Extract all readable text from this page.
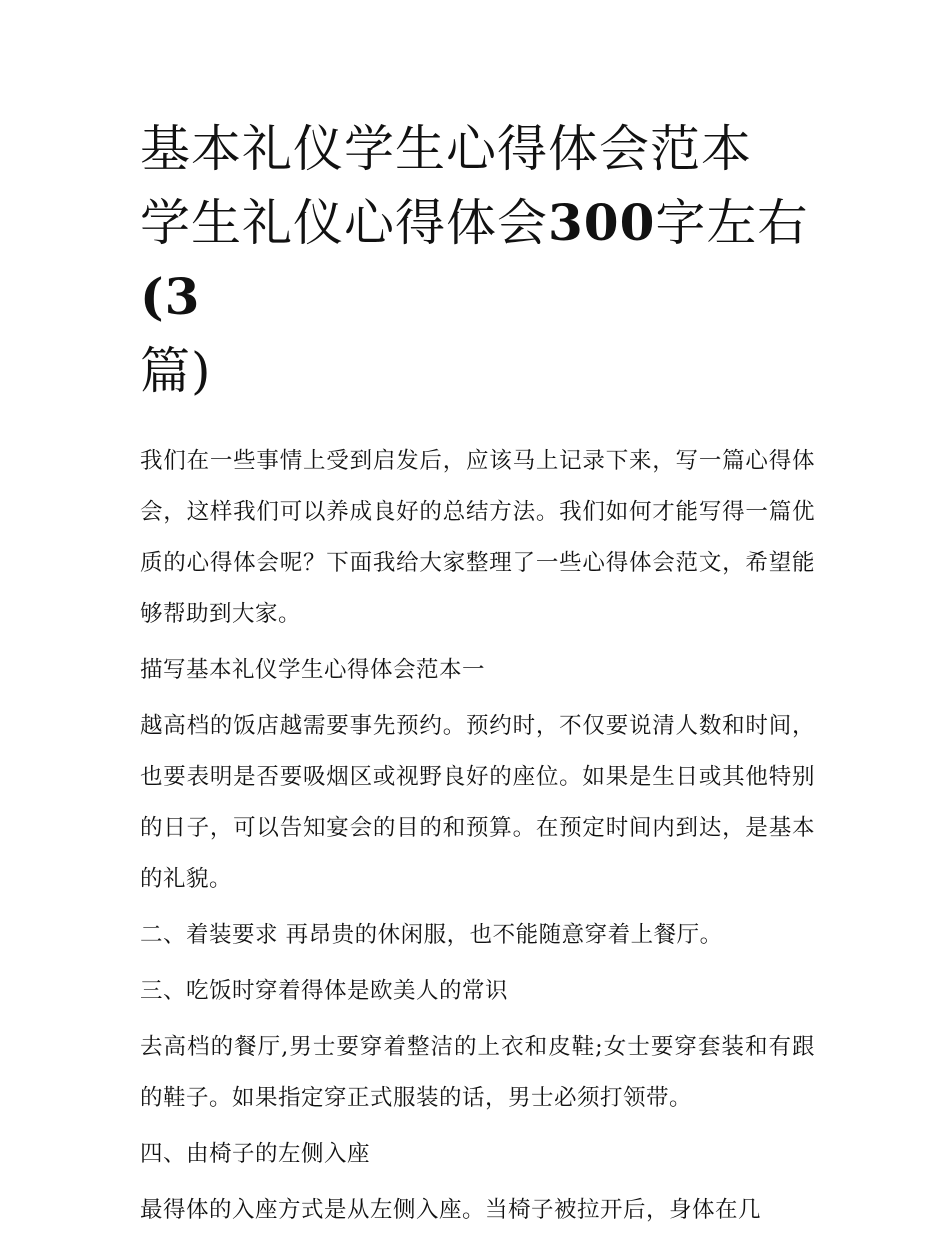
基本礼仪学生心得体会范本 学生礼仪心得体会300字左右(3
篇)

我们在一些事情上受到启发后，应该马上记录下来，写一篇心得体会，这样我们可以养成良好的总结方法。我们如何才能写得一篇优质的心得体会呢？下面我给大家整理了一些心得体会范文，希望能够帮助到大家。

描写基本礼仪学生心得体会范本一

越高档的饭店越需要事先预约。预约时，不仅要说清人数和时间，也要表明是否要吸烟区或视野良好的座位。如果是生日或其他特别的日子，可以告知宴会的目的和预算。在预定时间内到达，是基本的礼貌。

二、着装要求 再昂贵的休闲服，也不能随意穿着上餐厅。

三、吃饭时穿着得体是欧美人的常识

去高档的餐厅,男士要穿着整洁的上衣和皮鞋;女士要穿套装和有跟的鞋子。如果指定穿正式服装的话，男士必须打领带。

四、由椅子的左侧入座

最得体的入座方式是从左侧入座。当椅子被拉开后，身体在几
